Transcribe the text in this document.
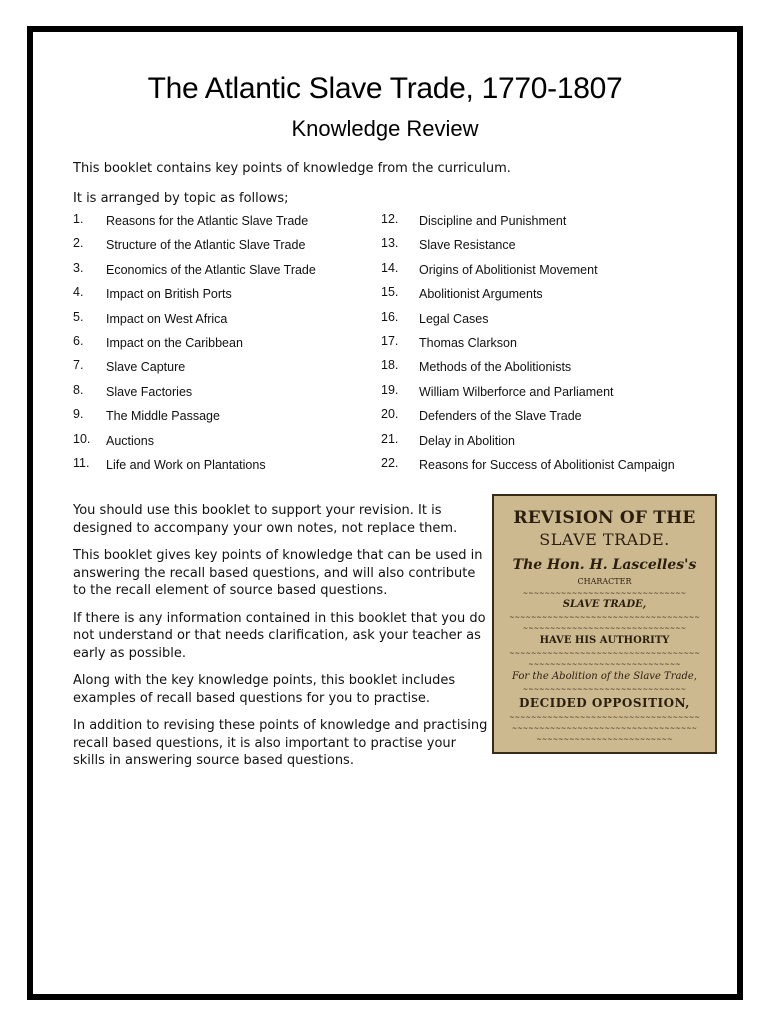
The Atlantic Slave Trade, 1770-1807
Knowledge Review

This booklet contains key points of knowledge from the curriculum.

It is arranged by topic as follows;

1. Reasons for the Atlantic Slave Trade
2. Structure of the Atlantic Slave Trade
3. Economics of the Atlantic Slave Trade
4. Impact on British Ports
5. Impact on West Africa
6. Impact on the Caribbean
7. Slave Capture
8. Slave Factories
9. The Middle Passage
10. Auctions
11. Life and Work on Plantations
12. Discipline and Punishment
13. Slave Resistance
14. Origins of Abolitionist Movement
15. Abolitionist Arguments
16. Legal Cases
17. Thomas Clarkson
18. Methods of the Abolitionists
19. William Wilberforce and Parliament
20. Defenders of the Slave Trade
21. Delay in Abolition
22. Reasons for Success of Abolitionist Campaign

You should use this booklet to support your revision. It is designed to accompany your own notes, not replace them.

This booklet gives key points of knowledge that can be used in answering the recall based questions, and will also contribute to the recall element of source based questions.

If there is any information contained in this booklet that you do not understand or that needs clarification, ask your teacher as early as possible.

Along with the key knowledge points, this booklet includes examples of recall based questions for you to practise.

In addition to revising these points of knowledge and practising recall based questions, it is also important to practise your skills in answering source based questions.

REVISION OF THE
SLAVE TRADE.
The Hon. H. Lascelles's
CHARACTER
~~~~~~~~~~~~~~~~~~~~~~~~~~~~~~
SLAVE TRADE,
~~~~~~~~~~~~~~~~~~~~~~~~~~~~~~~~~~~
~~~~~~~~~~~~~~~~~~~~~~~~~~~~~~
HAVE HIS AUTHORITY
~~~~~~~~~~~~~~~~~~~~~~~~~~~~~~~~~~~
~~~~~~~~~~~~~~~~~~~~~~~~~~~~
For the Abolition of the Slave Trade,
~~~~~~~~~~~~~~~~~~~~~~~~~~~~~~
DECIDED OPPOSITION,
~~~~~~~~~~~~~~~~~~~~~~~~~~~~~~~~~~~
~~~~~~~~~~~~~~~~~~~~~~~~~~~~~~~~~~
~~~~~~~~~~~~~~~~~~~~~~~~~
